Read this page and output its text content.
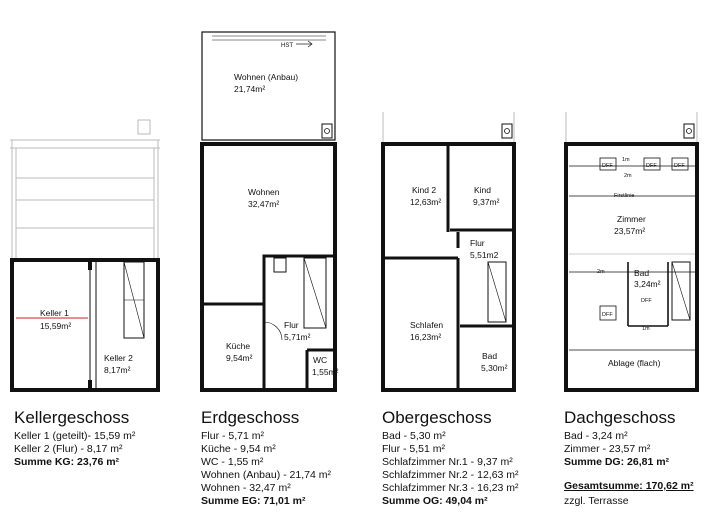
Keller 1
15,59m²
Keller 2
8,17m²
HST
Wohnen (Anbau)
21,74m²
Wohnen
32,47m²
Küche
9,54m²
Flur
5,71m²
WC
1,55m²
Kind 2
12,63m²
Kind
9,37m²
Flur
5,51m2
Schlafen
16,23m²
Bad
5,30m²
DFF	DFF	DFF
DFF
DFF
1m
2m
Firstlinie
2m
1m
Zimmer
23,57m²
Bad
3,24m²
Ablage (flach)
Kellergeschoss
Keller 1 (geteilt)- 15,59 m²
Keller 2 (Flur) - 8,17 m²
Summe KG: 23,76 m²
Erdgeschoss
Flur - 5,71 m²
Küche - 9,54 m²
WC - 1,55 m²
Wohnen (Anbau) - 21,74 m²
Wohnen - 32,47 m²
Summe EG: 71,01 m²
Obergeschoss
Bad - 5,30 m²
Flur - 5,51 m²
Schlafzimmer Nr.1 - 9,37 m²
Schlafzimmer Nr.2 - 12,63 m²
Schlafzimmer Nr.3 - 16,23 m²
Summe OG: 49,04 m²
Dachgeschoss
Bad - 3,24 m²
Zimmer - 23,57 m²
Summe DG: 26,81 m²
Gesamtsumme: 170,62 m²
zzgl. Terrasse
